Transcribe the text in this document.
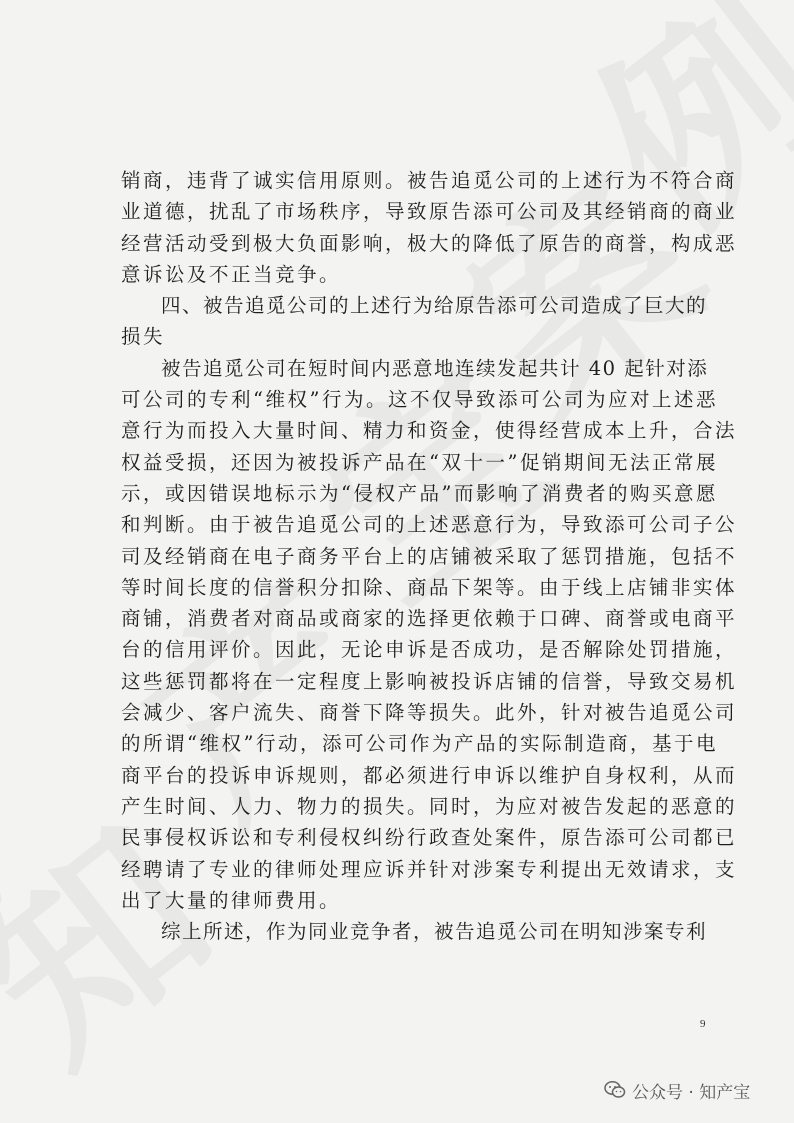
销商，违背了诚实信用原则。被告追觅公司的上述行为不符合商
业道德，扰乱了市场秩序，导致原告添可公司及其经销商的商业
经营活动受到极大负面影响，极大的降低了原告的商誉，构成恶
意诉讼及不正当竞争。
四、被告追觅公司的上述行为给原告添可公司造成了巨大的
损失
被告追觅公司在短时间内恶意地连续发起共计 40 起针对添
可公司的专利“维权”行为。这不仅导致添可公司为应对上述恶
意行为而投入大量时间、精力和资金，使得经营成本上升，合法
权益受损，还因为被投诉产品在“双十一”促销期间无法正常展
示，或因错误地标示为“侵权产品”而影响了消费者的购买意愿
和判断。由于被告追觅公司的上述恶意行为，导致添可公司子公
司及经销商在电子商务平台上的店铺被采取了惩罚措施，包括不
等时间长度的信誉积分扣除、商品下架等。由于线上店铺非实体
商铺，消费者对商品或商家的选择更依赖于口碑、商誉或电商平
台的信用评价。因此，无论申诉是否成功，是否解除处罚措施，
这些惩罚都将在一定程度上影响被投诉店铺的信誉，导致交易机
会减少、客户流失、商誉下降等损失。此外，针对被告追觅公司
的所谓“维权”行动，添可公司作为产品的实际制造商，基于电
商平台的投诉申诉规则，都必须进行申诉以维护自身权利，从而
产生时间、人力、物力的损失。同时，为应对被告发起的恶意的
民事侵权诉讼和专利侵权纠纷行政查处案件，原告添可公司都已
经聘请了专业的律师处理应诉并针对涉案专利提出无效请求，支
出了大量的律师费用。
综上所述，作为同业竞争者，被告追觅公司在明知涉案专利
9
公众号 · 知产宝
